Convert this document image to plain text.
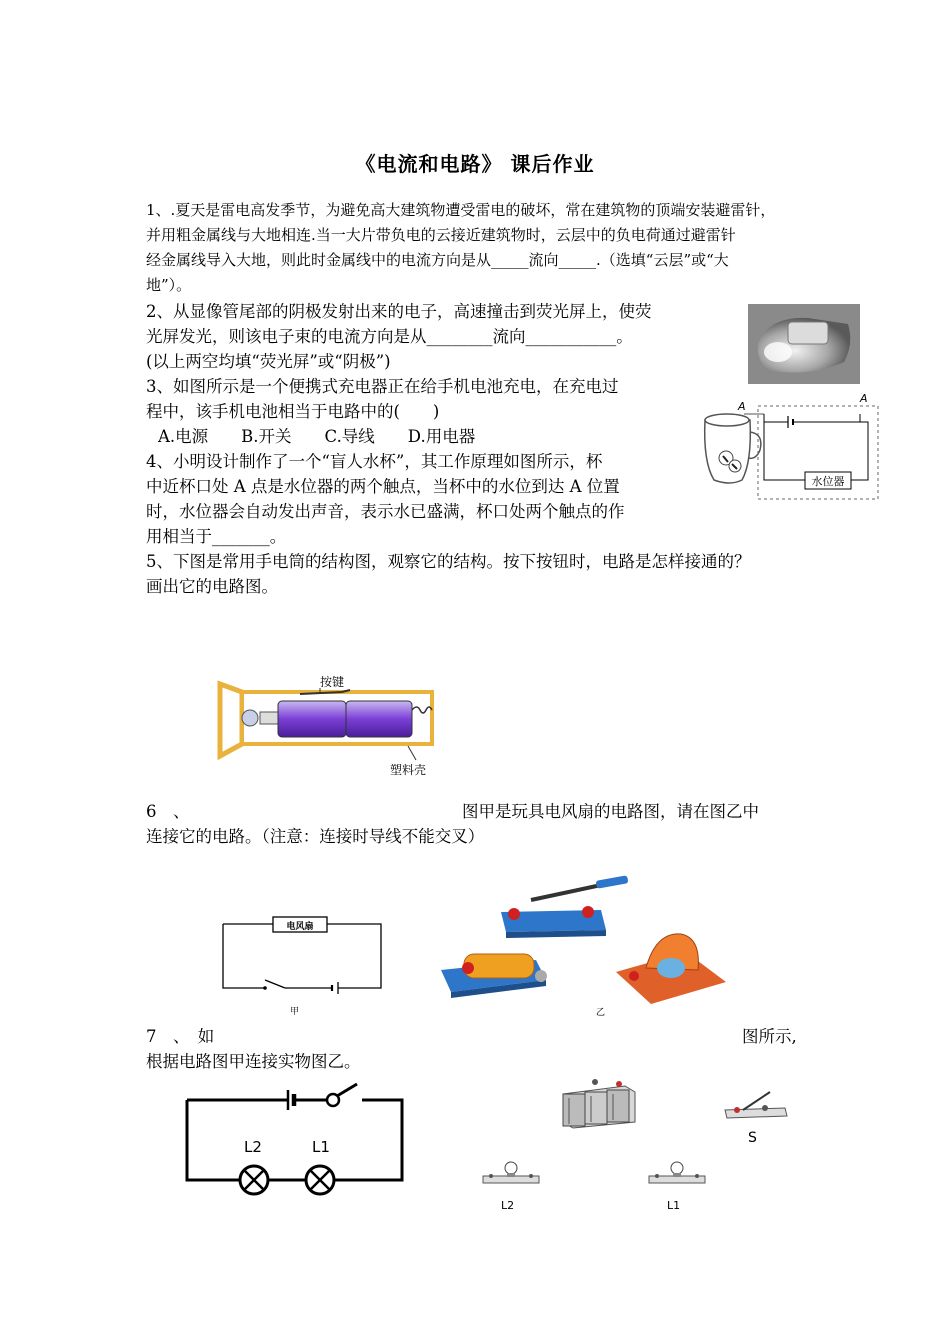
《电流和电路》 课后作业
1、.夏天是雷电高发季节，为避免高大建筑物遭受雷电的破坏，常在建筑物的顶端安装避雷针，
并用粗金属线与大地相连.当一大片带负电的云接近建筑物时，云层中的负电荷通过避雷针
经金属线导入大地，则此时金属线中的电流方向是从_____流向_____.（选填“云层”或“大
地”）。
2、从显像管尾部的阴极发射出来的电子，高速撞击到荧光屏上，使荧
光屏发光，则该电子束的电流方向是从________流向___________。
(以上两空均填“荧光屏”或“阴极”)
3、如图所示是一个便携式充电器正在给手机电池充电，在充电过
程中，该手机电池相当于电路中的(　　)
A.电源　　B.开关　　C.导线　　D.用电器
4、小明设计制作了一个“盲人水杯”，其工作原理如图所示，杯
中近杯口处 A 点是水位器的两个触点，当杯中的水位到达 A 位置
时，水位器会自动发出声音，表示水已盛满，杯口处两个触点的作
用相当于_______。
5、下图是常用手电筒的结构图，观察它的结构。按下按钮时，电路是怎样接通的？
画出它的电路图。
6　、	图甲是玩具电风扇的电路图，请在图乙中
连接它的电路。（注意：连接时导线不能交叉）
7　、　如	图所示,
根据电路图甲连接实物图乙。
A
A
水位器
按键
塑料壳
电风扇
甲	乙
L2	L1	S
L2	L1
